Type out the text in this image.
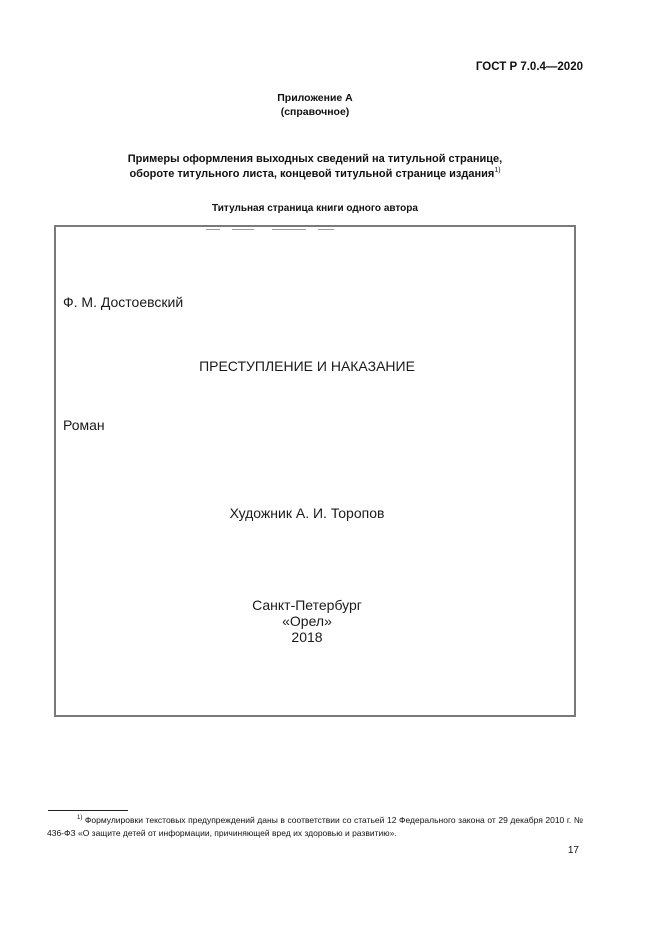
ГОСТ Р 7.0.4—2020
Приложение А
(справочное)
Примеры оформления выходных сведений на титульной странице,
обороте титульного листа, концевой титульной странице издания$^{1)}$
Титульная страница книги одного автора
Ф. М. Достоевский
ПРЕСТУПЛЕНИЕ И НАКАЗАНИЕ
Роман
Художник А. И. Торопов
Санкт-Петербург
«Орел»
2018
$^{1)}$ Формулировки текстовых предупреждений даны в соответствии со статьей 12 Федерального закона от 29 декабря 2010 г. № 436-ФЗ «О защите детей от информации, причиняющей вред их здоровью и развитию».
17
